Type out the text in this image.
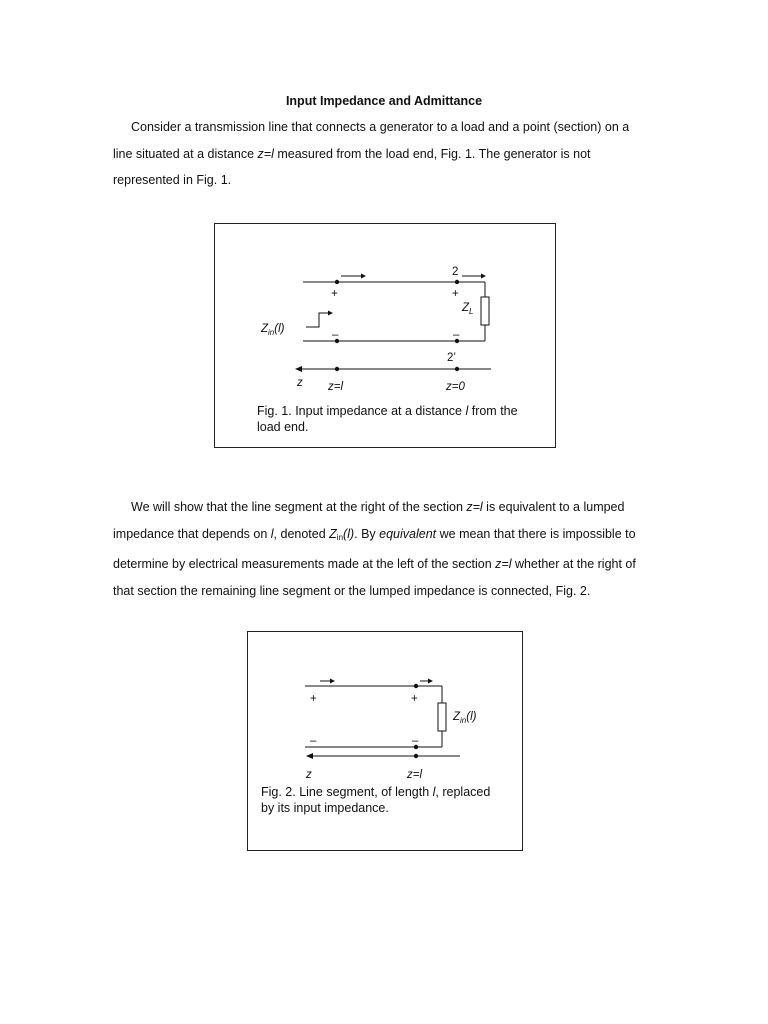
Input Impedance and Admittance

Consider a transmission line that connects a generator to a load and a point (section) on a
line situated at a distance z=l measured from the load end, Fig. 1. The generator is not
represented in Fig. 1.

2
2’
+	+
–	–
$Z_L$
$Z_{in}(l)$
z z=l	z=0
Fig. 1. Input impedance at a distance l from the
load end.

We will show that the line segment at the right of the section z=l is equivalent to a lumped
impedance that depends on l, denoted $Z_{in}(l)$. By equivalent we mean that there is impossible to
determine by electrical measurements made at the left of the section z=l whether at the right of
that section the remaining line segment or the lumped impedance is connected, Fig. 2.

+	+
–	–
$Z_{in}(l)$
z	z=l
Fig. 2. Line segment, of length l, replaced
by its input impedance.
